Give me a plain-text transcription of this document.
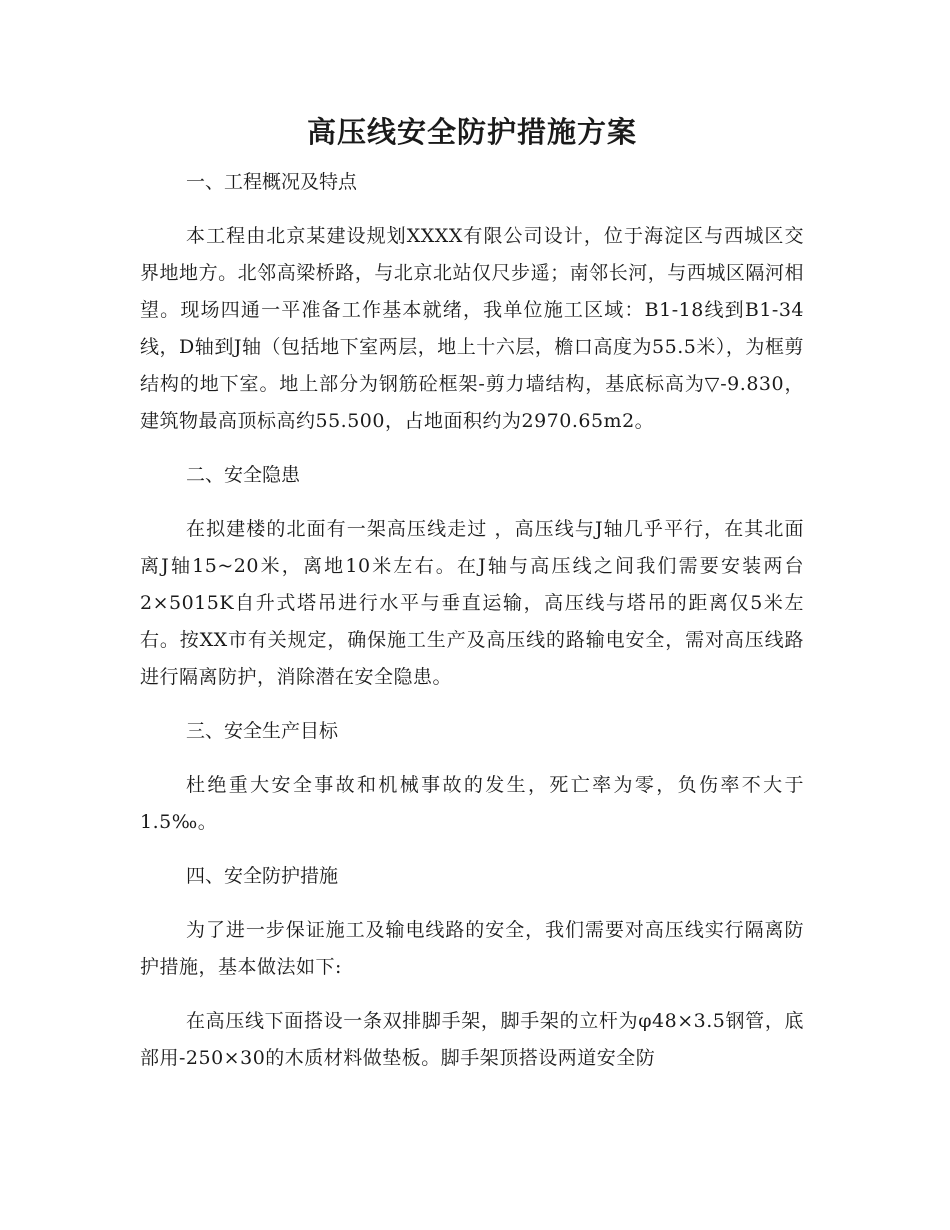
高压线安全防护措施方案

一、工程概况及特点

本工程由北京某建设规划XXXX有限公司设计，位于海淀区与西城区交界地地方。北邻高梁桥路，与北京北站仅尺步遥；南邻长河，与西城区隔河相望。现场四通一平准备工作基本就绪，我单位施工区域：B1-18线到B1-34线，D轴到J轴（包括地下室两层，地上十六层，檐口高度为55.5米），为框剪结构的地下室。地上部分为钢筋砼框架-剪力墙结构，基底标高为▽-9.830，建筑物最高顶标高约55.500，占地面积约为2970.65m2。

二、安全隐患

在拟建楼的北面有一架高压线走过 ，高压线与J轴几乎平行，在其北面离J轴15~20米，离地10米左右。在J轴与高压线之间我们需要安装两台2×5015K自升式塔吊进行水平与垂直运输，高压线与塔吊的距离仅5米左右。按XX市有关规定，确保施工生产及高压线的路输电安全，需对高压线路进行隔离防护，消除潜在安全隐患。

三、安全生产目标

杜绝重大安全事故和机械事故的发生，死亡率为零，负伤率不大于1.5‰。

四、安全防护措施

为了进一步保证施工及输电线路的安全，我们需要对高压线实行隔离防护措施，基本做法如下:

在高压线下面搭设一条双排脚手架，脚手架的立杆为φ48×3.5钢管，底部用-250×30的木质材料做垫板。脚手架顶搭设两道安全防
